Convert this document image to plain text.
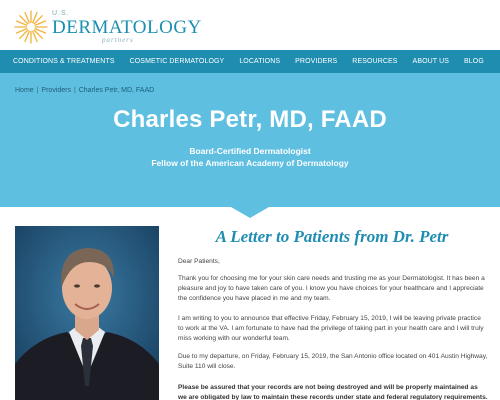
U.S.
DERMATOLOGY
partners
CONDITIONS & TREATMENTS COSMETIC DERMATOLOGY LOCATIONS PROVIDERS RESOURCES ABOUT US BLOG
Home | Providers | Charles Petr, MD, FAAD
Charles Petr, MD, FAAD
Board-Certified Dermatologist
Fellow of the American Academy of Dermatology
A Letter to Patients from Dr. Petr

Dear Patients,

Thank you for choosing me for your skin care needs and trusting me as your Dermatologist. It has been a pleasure and joy to have taken care of you. I know you have choices for your healthcare and I appreciate the confidence you have placed in me and my team.

I am writing to you to announce that effective Friday, February 15, 2019, I will be leaving private practice to work at the VA. I am fortunate to have had the privilege of taking part in your health care and I will truly miss working with our wonderful team.

Due to my departure, on Friday, February 15, 2019, the San Antonio office located on 401 Austin Highway, Suite 110 will close.

Please be assured that your records are not being destroyed and will be properly maintained as we are obligated by law to maintain these records under state and federal regulatory requirements.
